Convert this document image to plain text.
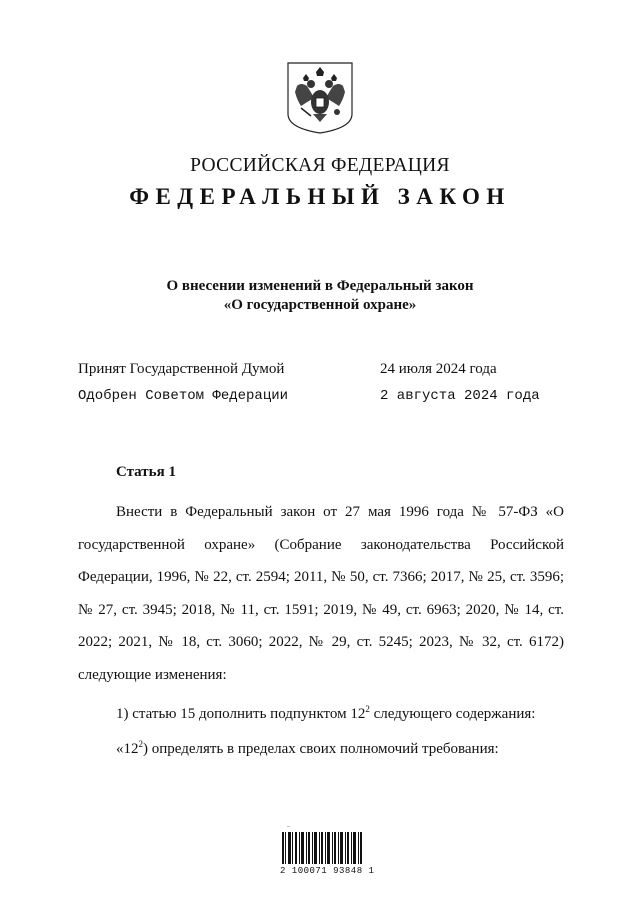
РОССИЙСКАЯ ФЕДЕРАЦИЯ
ФЕДЕРАЛЬНЫЙ ЗАКОН
О внесении изменений в Федеральный закон
«О государственной охране»
Принят Государственной Думой	24 июля 2024 года
Одобрен Советом Федерации	2 августа 2024 года
Статья 1

Внести в Федеральный закон от 27 мая 1996 года № 57-ФЗ «О государственной охране» (Собрание законодательства Российской Федерации, 1996, № 22, ст. 2594; 2011, № 50, ст. 7366; 2017, № 25, ст. 3596; № 27, ст. 3945; 2018, № 11, ст. 1591; 2019, № 49, ст. 6963; 2020, № 14, ст. 2022; 2021, № 18, ст. 3060; 2022, № 29, ст. 5245; 2023, № 32, ст. 6172) следующие изменения:

1) статью 15 дополнить подпунктом $12^2$ следующего содержания:
«$12^2$) определять в пределах своих полномочий требования:
~
2 100071 93848 1
